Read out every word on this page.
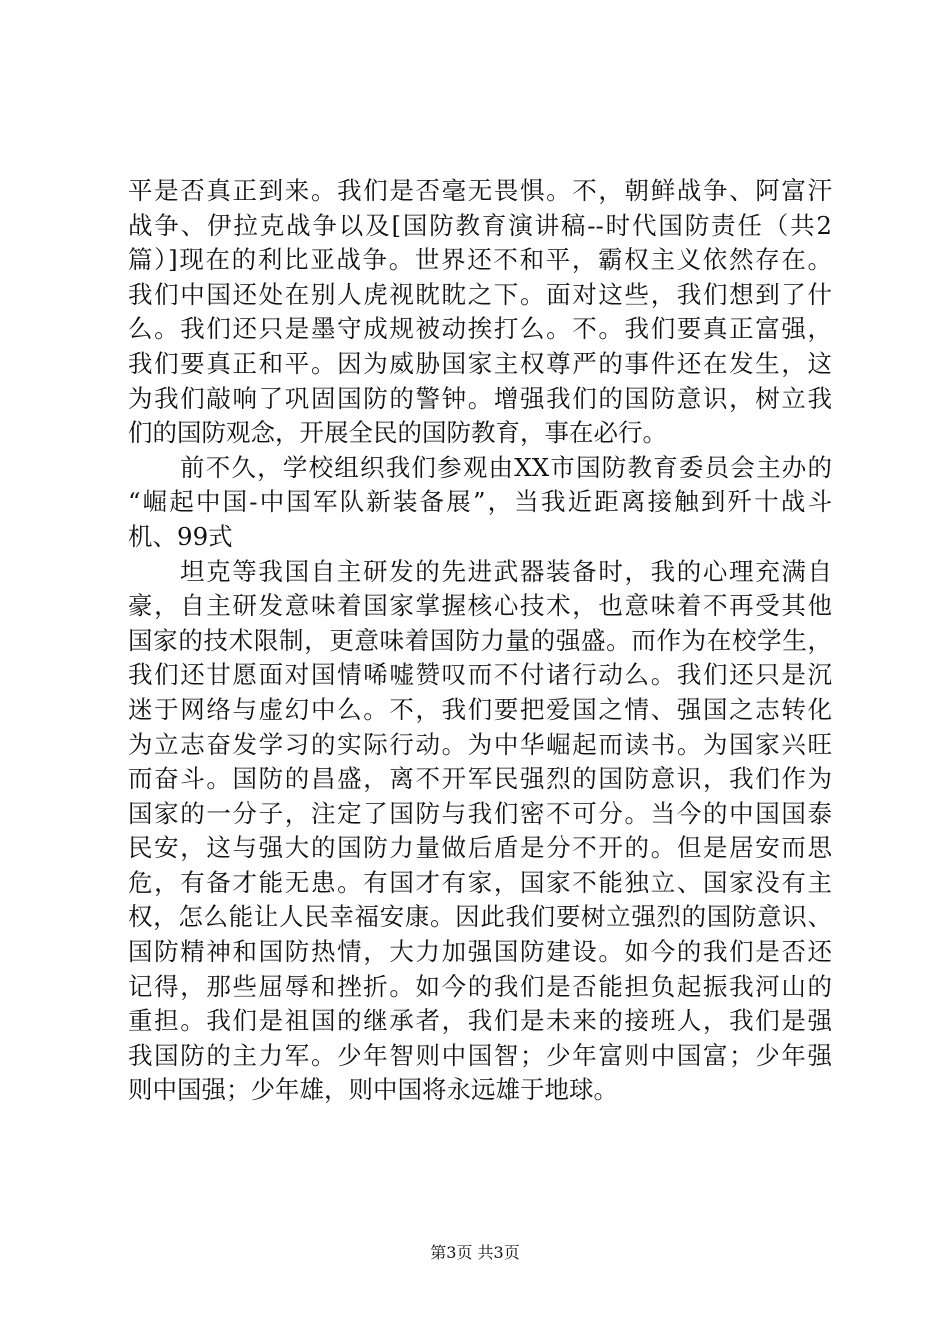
平是否真正到来。我们是否毫无畏惧。不，朝鲜战争、阿富汗
战争、伊拉克战争以及[国防教育演讲稿--时代国防责任（共2
篇）]现在的利比亚战争。世界还不和平，霸权主义依然存在。
我们中国还处在别人虎视眈眈之下。面对这些，我们想到了什
么。我们还只是墨守成规被动挨打么。不。我们要真正富强，
我们要真正和平。因为威胁国家主权尊严的事件还在发生，这
为我们敲响了巩固国防的警钟。增强我们的国防意识，树立我
们的国防观念，开展全民的国防教育，事在必行。
前不久，学校组织我们参观由XX市国防教育委员会主办的
“崛起中国-中国军队新装备展”，当我近距离接触到歼十战斗
机、99式
坦克等我国自主研发的先进武器装备时，我的心理充满自
豪，自主研发意味着国家掌握核心技术，也意味着不再受其他
国家的技术限制，更意味着国防力量的强盛。而作为在校学生，
我们还甘愿面对国情唏嘘赞叹而不付诸行动么。我们还只是沉
迷于网络与虚幻中么。不，我们要把爱国之情、强国之志转化
为立志奋发学习的实际行动。为中华崛起而读书。为国家兴旺
而奋斗。国防的昌盛，离不开军民强烈的国防意识，我们作为
国家的一分子，注定了国防与我们密不可分。当今的中国国泰
民安，这与强大的国防力量做后盾是分不开的。但是居安而思
危，有备才能无患。有国才有家，国家不能独立、国家没有主
权，怎么能让人民幸福安康。因此我们要树立强烈的国防意识、
国防精神和国防热情，大力加强国防建设。如今的我们是否还
记得，那些屈辱和挫折。如今的我们是否能担负起振我河山的
重担。我们是祖国的继承者，我们是未来的接班人，我们是强
我国防的主力军。少年智则中国智；少年富则中国富；少年强
则中国强；少年雄，则中国将永远雄于地球。
第3页 共3页
